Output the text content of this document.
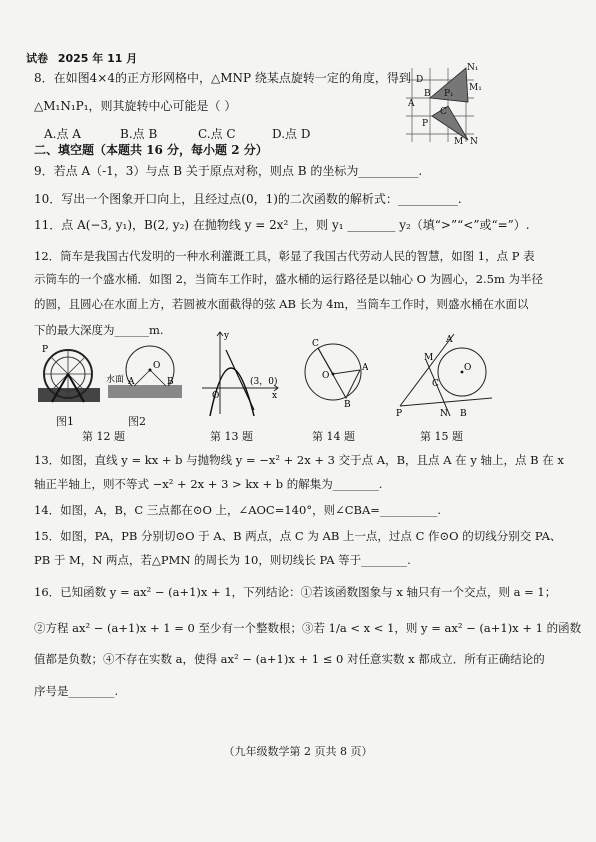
试卷 2025 年 11 月
8．在如图4×4的正方形网格中，△MNP 绕某点旋转一定的角度，得到
△M₁N₁P₁，则其旋转中心可能是（ ）
A.点 A	B.点 B	C.点 C	D.点 D
N₁
D
M₁
P₁
A
B
C
P
M N
二、填空题（本题共 16 分，每小题 2 分）
9．若点 A（-1，3）与点 B 关于原点对称，则点 B 的坐标为__________.
10．写出一个图象开口向上，且经过点(0，1)的二次函数的解析式：__________.
11．点 A(−3, y₁)，B(2, y₂) 在抛物线 y = 2x² 上，则 y₁ ________ y₂（填“>”“<”或“=”）.
12．筒车是我国古代发明的一种水利灌溉工具，彰显了我国古代劳动人民的智慧，如图 1，点 P 表
示筒车的一个盛水桶．如图 2，当筒车工作时，盛水桶的运行路径是以轴心 O 为圆心，2.5m 为半径
的圆，且圆心在水面上方，若圆被水面截得的弦 AB 长为 4m，当筒车工作时，则盛水桶在水面以
下的最大深度为______m.
P
图1
水面
O
A	B
图2
y
x
O
(3，0)
O
A
B
C
M
A
C
P	N B
O
第 12 题	第 13 题	第 14 题	第 15 题
13．如图，直线 y = kx + b 与抛物线 y = −x² + 2x + 3 交于点 A，B，且点 A 在 y 轴上，点 B 在 x
轴正半轴上，则不等式 −x² + 2x + 3 > kx + b 的解集为________.
14．如图，A，B，C 三点都在⊙O 上，∠AOC=140°，则∠CBA=__________.
15．如图，PA，PB 分别切⊙O 于 A、B 两点，点 C 为 AB 上一点，过点 C 作⊙O 的切线分别交 PA、
PB 于 M，N 两点，若△PMN 的周长为 10，则切线长 PA 等于________.
16．已知函数 y = ax² − (a+1)x + 1，下列结论：①若该函数图象与 x 轴只有一个交点，则 a = 1；
②方程 ax² − (a+1)x + 1 = 0 至少有一个整数根；③若 1/a < x < 1，则 y = ax² − (a+1)x + 1 的函数
值都是负数；④不存在实数 a，使得 ax² − (a+1)x + 1 ≤ 0 对任意实数 x 都成立．所有正确结论的
序号是________.
（九年级数学第 2 页共 8 页）
